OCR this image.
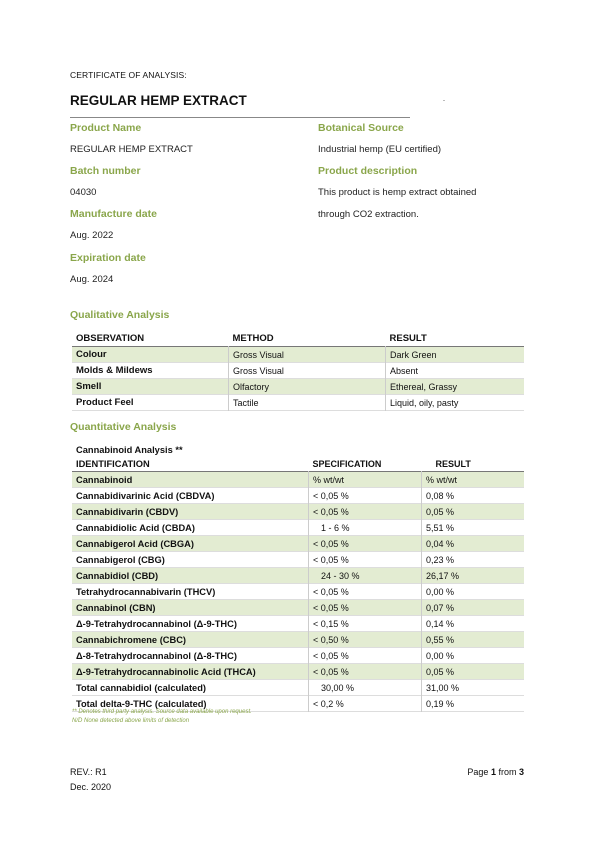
CERTIFICATE OF ANALYSIS:
REGULAR HEMP EXTRACT
Product Name
REGULAR HEMP EXTRACT
Batch number
04030
Manufacture date
Aug. 2022
Expiration date
Aug. 2024
Botanical Source
Industrial hemp (EU certified)
Product description
This product is hemp extract obtained
through CO2 extraction.
Qualitative Analysis
OBSERVATION	METHOD	RESULT
Colour	Gross Visual	Dark Green
Molds & Mildews	Gross Visual	Absent
Smell	Olfactory	Ethereal, Grassy
Product Feel	Tactile	Liquid, oily, pasty
Quantitative Analysis
Cannabinoid Analysis **		
IDENTIFICATION	SPECIFICATION	RESULT
Cannabinoid	% wt/wt	% wt/wt
Cannabidivarinic Acid (CBDVA)	< 0,05 %	0,08 %
Cannabidivarin (CBDV)	< 0,05 %	0,05 %
Cannabidiolic Acid (CBDA)	1 - 6 %	5,51 %
Cannabigerol Acid (CBGA)	< 0,05 %	0,04 %
Cannabigerol (CBG)	< 0,05 %	0,23 %
Cannabidiol (CBD)	24 - 30 %	26,17 %
Tetrahydrocannabivarin (THCV)	< 0,05 %	0,00 %
Cannabinol (CBN)	< 0,05 %	0,07 %
Δ-9-Tetrahydrocannabinol (Δ-9-THC)	< 0,15 %	0,14 %
Cannabichromene (CBC)	< 0,50 %	0,55 %
Δ-8-Tetrahydrocannabinol (Δ-8-THC)	< 0,05 %	0,00 %
Δ-9-Tetrahydrocannabinolic Acid (THCA)	< 0,05 %	0,05 %
Total cannabidiol (calculated)	30,00 %	31,00 %
Total delta-9-THC (calculated)	< 0,2 %	0,19 %
** Denotes third party analysis. Source data available upon request.
N/D None detected above limits of detection
REV.: R1
Dec. 2020
Page 1 from 3
